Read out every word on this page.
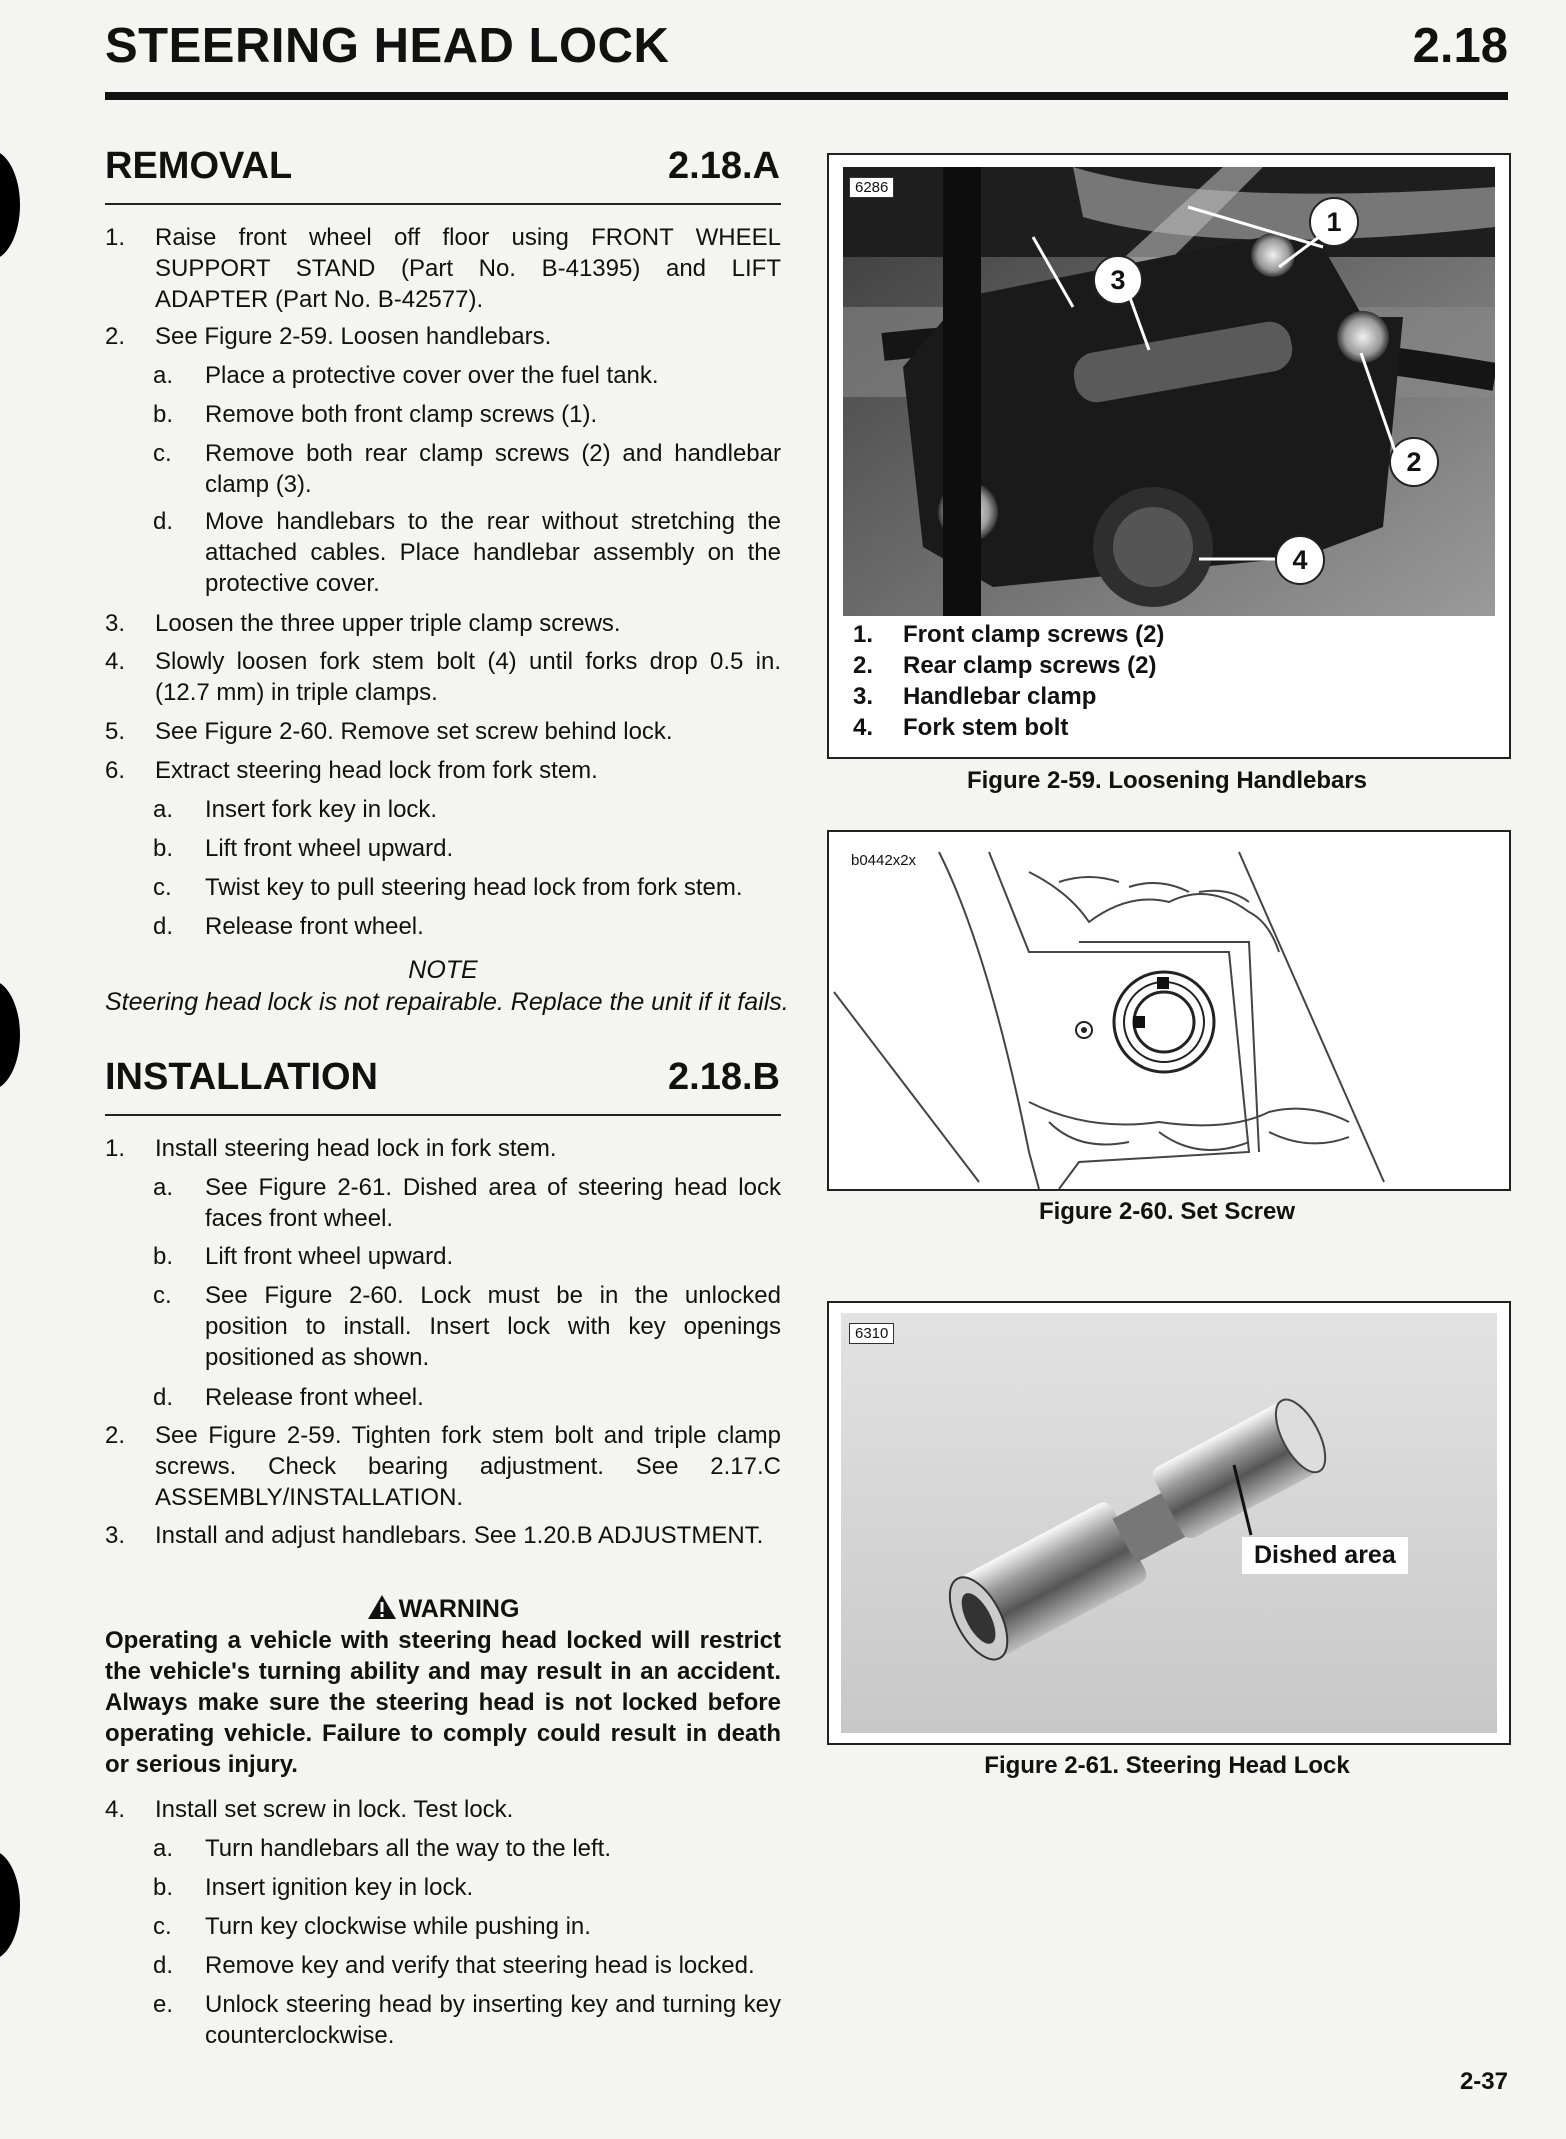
STEERING HEAD LOCK	2.18
REMOVAL	2.18.A
1. Raise front wheel off floor using FRONT WHEEL SUPPORT STAND (Part No. B-41395) and LIFT ADAPTER (Part No. B-42577).
2. See Figure 2-59. Loosen handlebars.
a. Place a protective cover over the fuel tank.
b. Remove both front clamp screws (1).
c. Remove both rear clamp screws (2) and handlebar clamp (3).
d. Move handlebars to the rear without stretching the attached cables. Place handlebar assembly on the protective cover.
3. Loosen the three upper triple clamp screws.
4. Slowly loosen fork stem bolt (4) until forks drop 0.5 in. (12.7 mm) in triple clamps.
5. See Figure 2-60. Remove set screw behind lock.
6. Extract steering head lock from fork stem.
a. Insert fork key in lock.
b. Lift front wheel upward.
c. Twist key to pull steering head lock from fork stem.
d. Release front wheel.
NOTE
Steering head lock is not repairable. Replace the unit if it fails.
INSTALLATION	2.18.B
1. Install steering head lock in fork stem.
a. See Figure 2-61. Dished area of steering head lock faces front wheel.
b. Lift front wheel upward.
c. See Figure 2-60. Lock must be in the unlocked position to install. Insert lock with key openings positioned as shown.
d. Release front wheel.
2. See Figure 2-59. Tighten fork stem bolt and triple clamp screws. Check bearing adjustment. See 2.17.C ASSEMBLY/INSTALLATION.
3. Install and adjust handlebars. See 1.20.B ADJUSTMENT.
WARNING
Operating a vehicle with steering head locked will restrict the vehicle's turning ability and may result in an accident. Always make sure the steering head is not locked before operating vehicle. Failure to comply could result in death or serious injury.
4. Install set screw in lock. Test lock.
a. Turn handlebars all the way to the left.
b. Insert ignition key in lock.
c. Turn key clockwise while pushing in.
d. Remove key and verify that steering head is locked.
e. Unlock steering head by inserting key and turning key counterclockwise.
6286
1
2
3
4
1. Front clamp screws (2)
2. Rear clamp screws (2)
3. Handlebar clamp
4. Fork stem bolt
Figure 2-59. Loosening Handlebars
b0442x2x
Figure 2-60. Set Screw
6310
Dished area
Figure 2-61. Steering Head Lock
2-37
